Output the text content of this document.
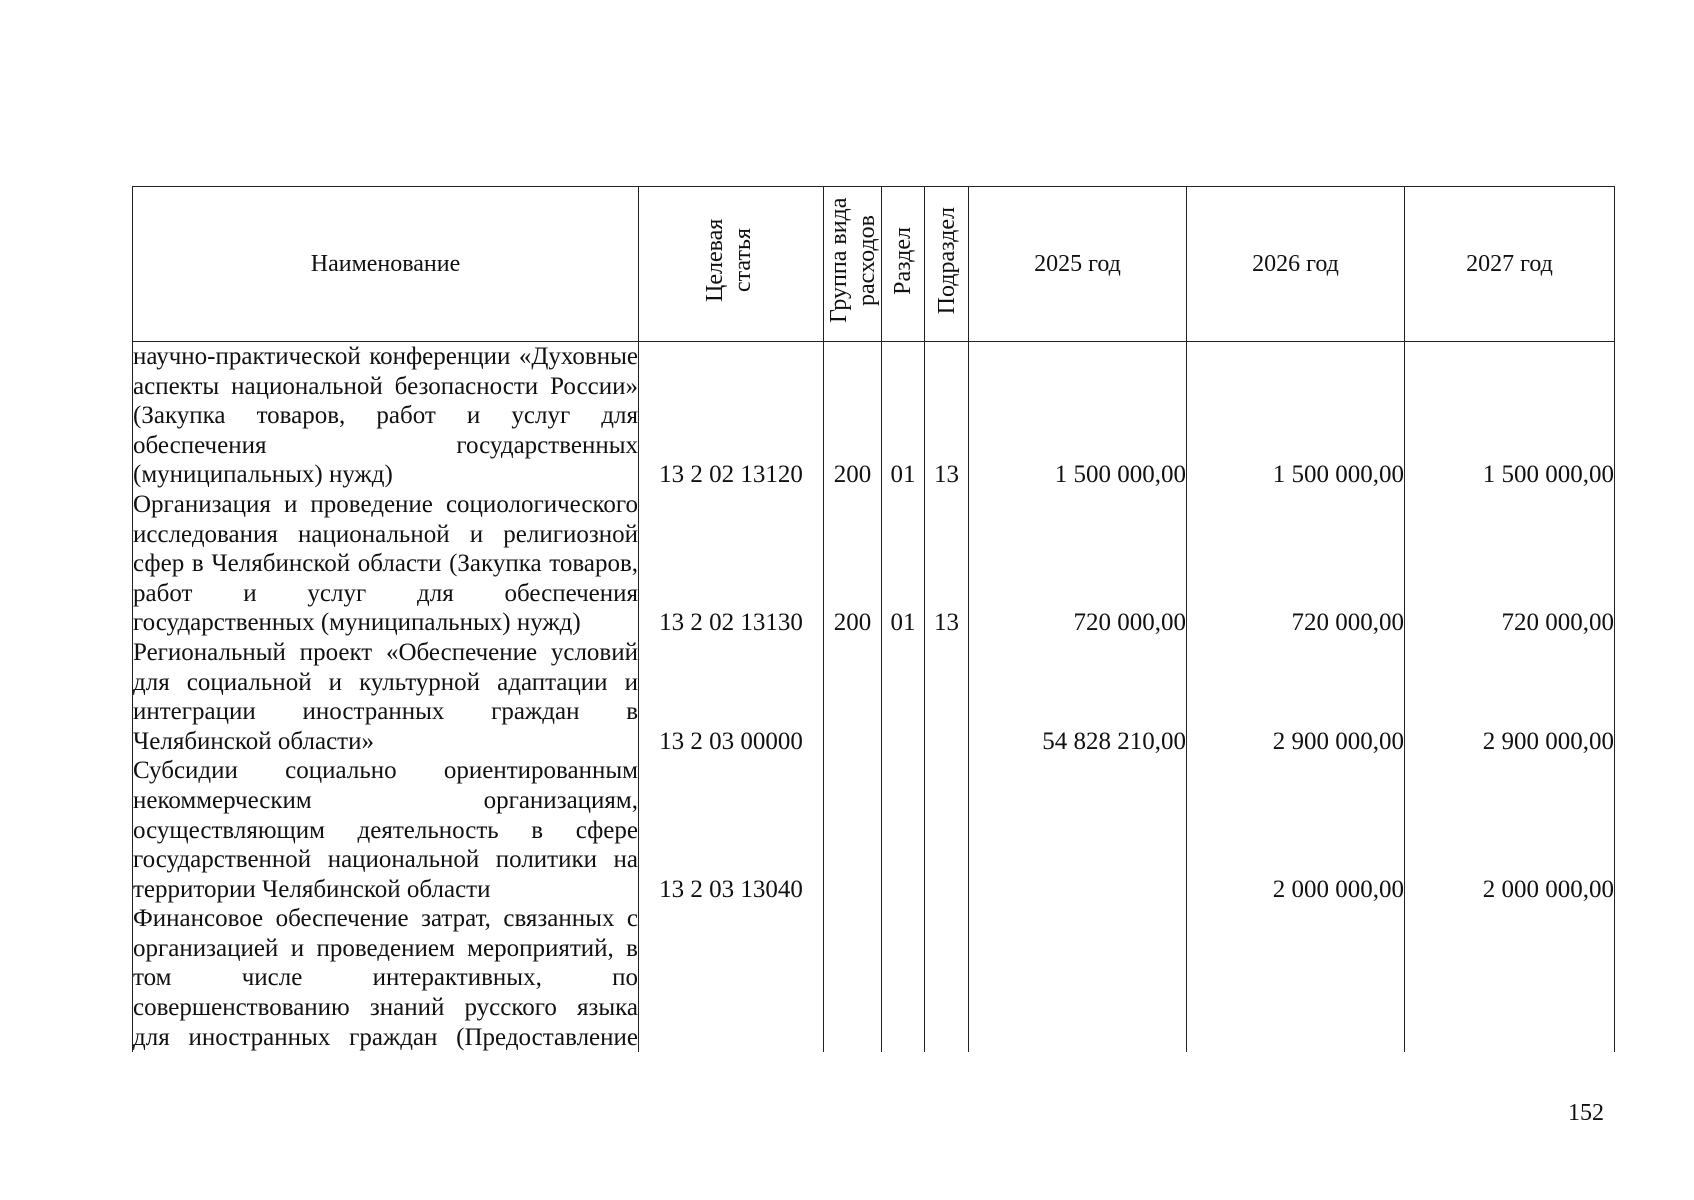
Наименование	Целевая статья	Группа вида расходов	Раздел	Подраздел	2025 год	2026 год	2027 год
научно-практической конференции «Духовные аспекты национальной безопасности России» (Закупка товаров, работ и услуг для обеспечения государственных (муниципальных) нужд)	13 2 02 13120	200	01	13	1 500 000,00	1 500 000,00	1 500 000,00
Организация и проведение социологического исследования национальной и религиозной сфер в Челябинской области (Закупка товаров, работ и услуг для обеспечения государственных (муниципальных) нужд)	13 2 02 13130	200	01	13	720 000,00	720 000,00	720 000,00
Региональный проект «Обеспечение условий для социальной и культурной адаптации и интеграции иностранных граждан в Челябинской области»	13 2 03 00000				54 828 210,00	2 900 000,00	2 900 000,00
Субсидии социально ориентированным некоммерческим организациям, осуществляющим деятельность в сфере государственной национальной политики на территории Челябинской области	13 2 03 13040					2 000 000,00	2 000 000,00
Финансовое обеспечение затрат, связанных с организацией и проведением мероприятий, в том числе интерактивных, по совершенствованию знаний русского языка для иностранных граждан (Предоставление							
152
